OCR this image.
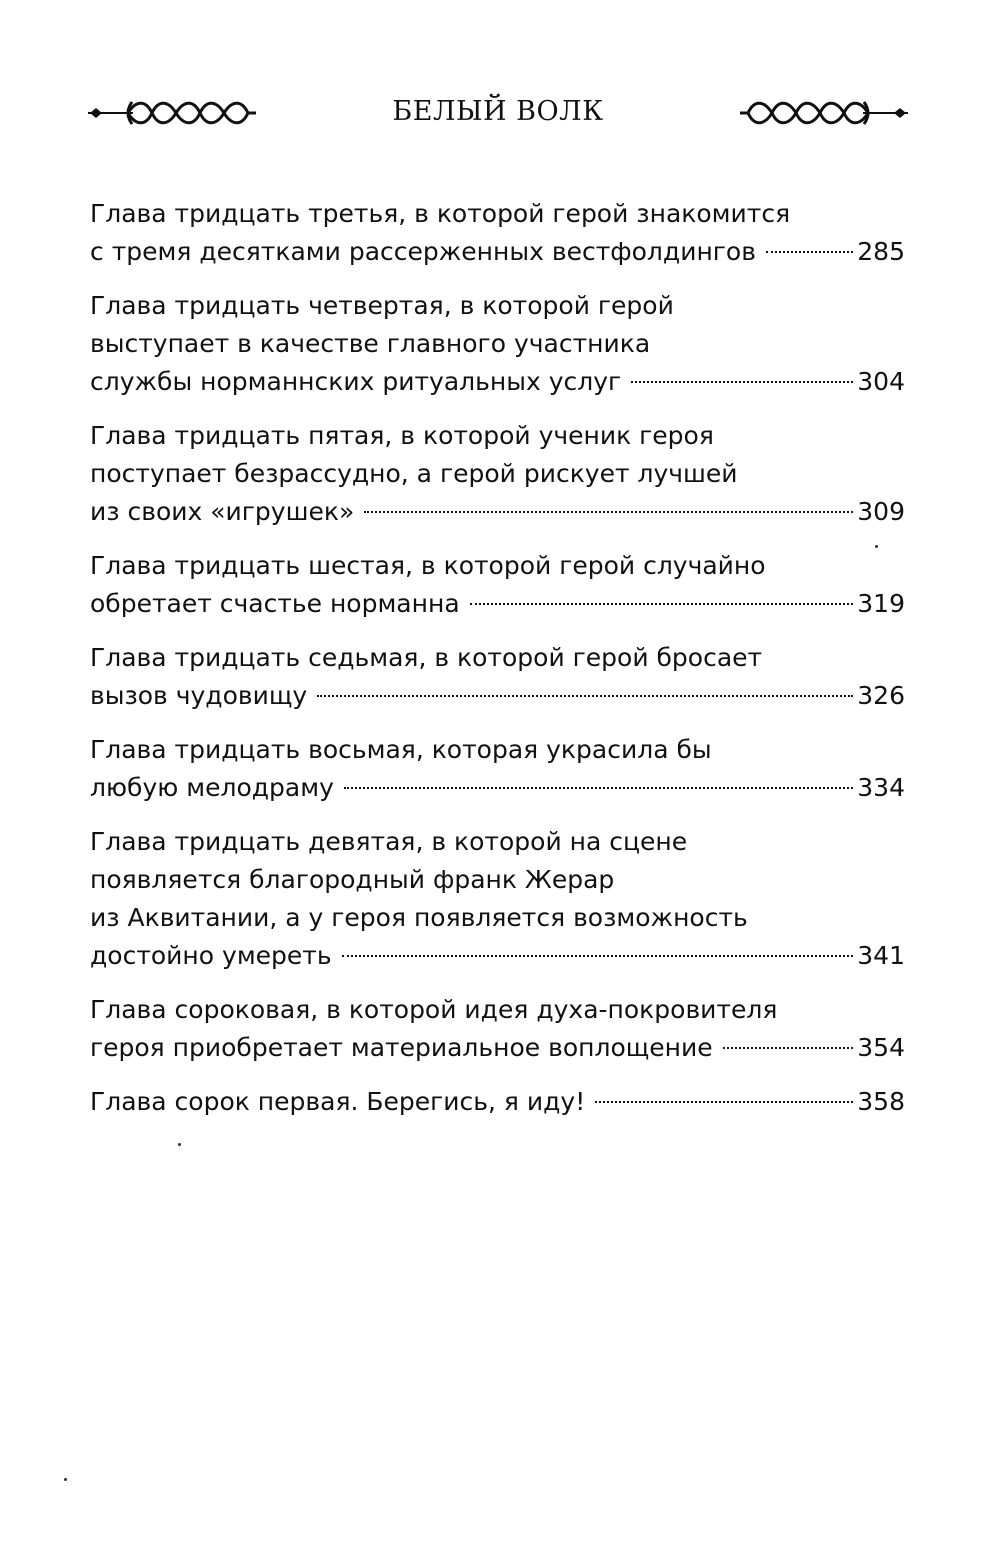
БЕЛЫЙ ВОЛК
Глава тридцать третья, в которой герой знакомится
с тремя десятками рассерженных вестфолдингов	285
Глава тридцать четвертая, в которой герой
выступает в качестве главного участника
службы норманнских ритуальных услуг	304
Глава тридцать пятая, в которой ученик героя
поступает безрассудно, а герой рискует лучшей
из своих «игрушек»	309
Глава тридцать шестая, в которой герой случайно
обретает счастье норманна	319
Глава тридцать седьмая, в которой герой бросает
вызов чудовищу	326
Глава тридцать восьмая, которая украсила бы
любую мелодраму	334
Глава тридцать девятая, в которой на сцене
появляется благородный франк Жерар
из Аквитании, а у героя появляется возможность
достойно умереть	341
Глава сороковая, в которой идея духа-покровителя
героя приобретает материальное воплощение	354
Глава сорок первая. Берегись, я иду!	358
